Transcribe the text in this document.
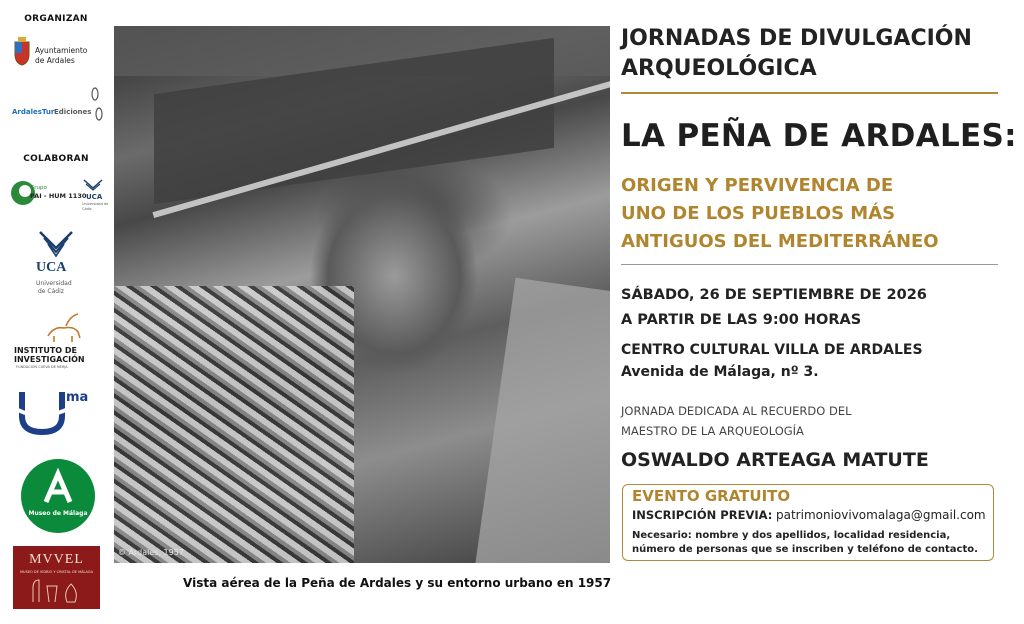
ORGANIZAN
Ayuntamiento
de Ardales
ArdalesTur Ediciones
COLABORAN
Grupo
PAI - HUM 1130 UCA
Universidad de Cádiz
UCA
Universidad
de Cádiz
INSTITUTO DE
INVESTIGACIÓN
FUNDACIÓN CUEVA DE NERJA
ma
Museo de Málaga
MVVEL
MUSEO DE VIDRIO Y CRISTAL DE MÁLAGA
© Ardales, 1957
Vista aérea de la Peña de Ardales y su entorno urbano en 1957
JORNADAS DE DIVULGACIÓN
ARQUEOLÓGICA
LA PEÑA DE ARDALES:
ORIGEN Y PERVIVENCIA DE
UNO DE LOS PUEBLOS MÁS
ANTIGUOS DEL MEDITERRÁNEO
SÁBADO, 26 DE SEPTIEMBRE DE 2026
A PARTIR DE LAS 9:00 HORAS
CENTRO CULTURAL VILLA DE ARDALES
Avenida de Málaga, nº 3.
JORNADA DEDICADA AL RECUERDO DEL
MAESTRO DE LA ARQUEOLOGÍA
OSWALDO ARTEAGA MATUTE
EVENTO GRATUITO
INSCRIPCIÓN PREVIA: patrimoniovivomalaga@gmail.com
Necesario: nombre y dos apellidos, localidad residencia, número de personas que se inscriben y teléfono de contacto.
